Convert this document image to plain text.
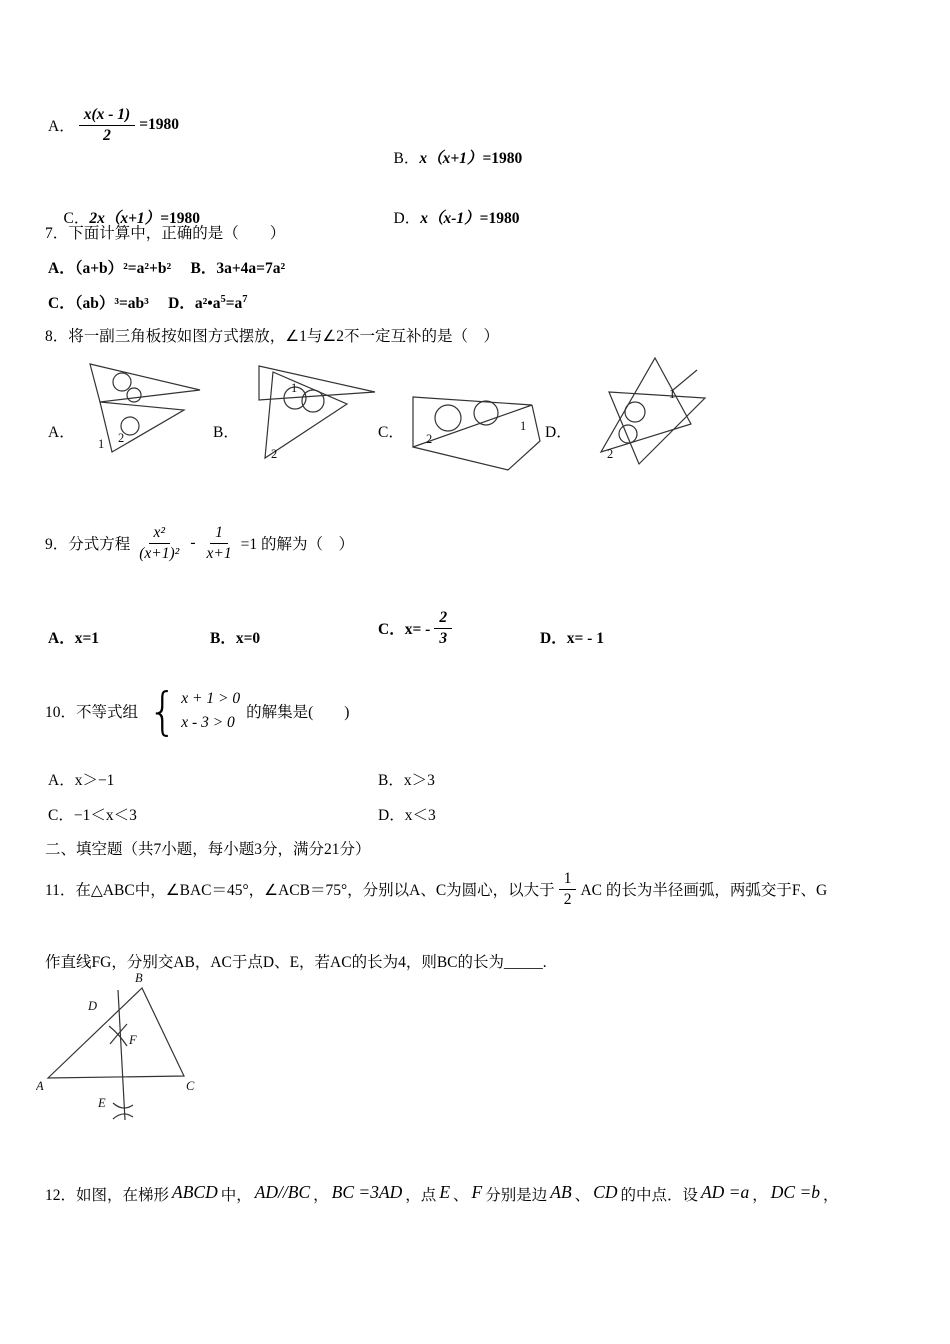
A． $\frac{x(x - 1)}{2} =1980$

B．x（x+1）=1980

C．2x（x+1）=1980
	D．x（x-1）=1980

7．下面计算中，正确的是（　　）
A．（a+b）²=a²+b²　 B．3a+4a=7a²
C．（ab）³=ab³　 D．$a^2•a^5=a^7$
8．将一副三角板按如图方式摆放，∠1与∠2不一定互补的是（　）
A．
1 2	B．
1
2
C． 2
1 D．
1
2
9．分式方程 $\frac{\text{x²}}{\text{(x+1)²}} - \frac{1}{x+1} =1$ 的解为（　）
A．x=1	B．x=0
C．$x= - \frac{2}{3}$	D．x= - 1
10．不等式组 { x + 1 > 0
x - 3 > 0
的解集是(　　)
A．x＞−1	B．x＞3
C．−1＜x＜3	D．x＜3
二、填空题（共7小题，每小题3分，满分21分）
11．在△ABC中，∠BAC＝45°，∠ACB＝75°，分别以A、C为圆心，以大于 $\frac{1}{2}$ AC 的长为半径画弧，两弧交于F、G
作直线FG，分别交AB，AC于点D、E，若AC的长为4，则BC的长为_____.
B
D
F
A	C
E
12．如图，在梯形 ABCD 中， AD//BC ， BC =3AD ，点 E 、 F 分别是边 AB 、 CD 的中点．设 AD =a ， DC =b ，
